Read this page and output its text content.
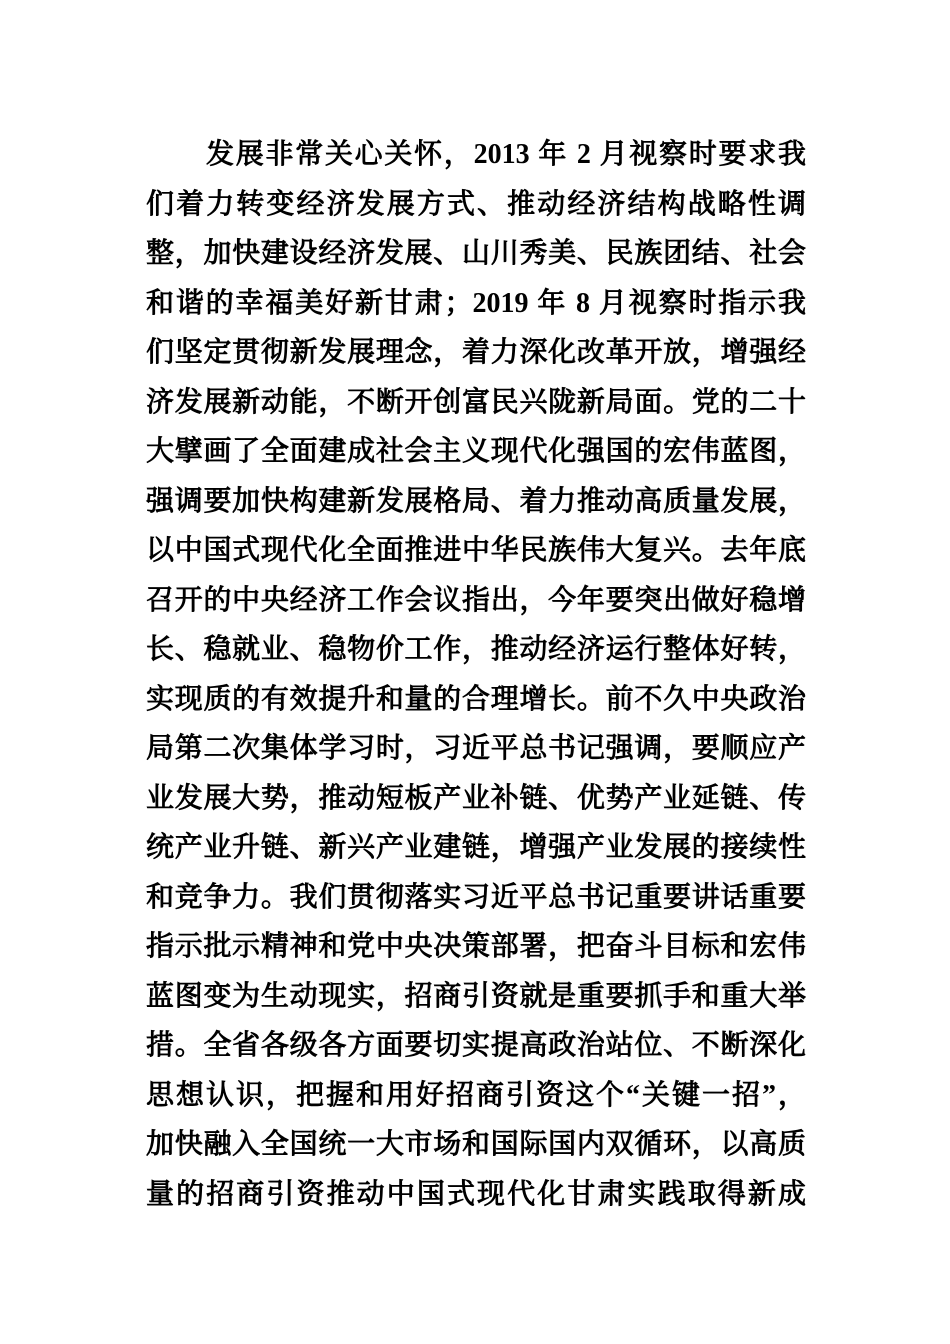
发展非常关心关怀，2013 年 2 月视察时要求我
们着力转变经济发展方式、推动经济结构战略性调
整，加快建设经济发展、山川秀美、民族团结、社会
和谐的幸福美好新甘肃；2019 年 8 月视察时指示我
们坚定贯彻新发展理念，着力深化改革开放，增强经
济发展新动能，不断开创富民兴陇新局面。党的二十
大擘画了全面建成社会主义现代化强国的宏伟蓝图，
强调要加快构建新发展格局、着力推动高质量发展，
以中国式现代化全面推进中华民族伟大复兴。去年底
召开的中央经济工作会议指出，今年要突出做好稳增
长、稳就业、稳物价工作，推动经济运行整体好转，
实现质的有效提升和量的合理增长。前不久中央政治
局第二次集体学习时，习近平总书记强调，要顺应产
业发展大势，推动短板产业补链、优势产业延链、传
统产业升链、新兴产业建链，增强产业发展的接续性
和竞争力。我们贯彻落实习近平总书记重要讲话重要
指示批示精神和党中央决策部署，把奋斗目标和宏伟
蓝图变为生动现实，招商引资就是重要抓手和重大举
措。全省各级各方面要切实提高政治站位、不断深化
思想认识，把握和用好招商引资这个“关键一招”，
加快融入全国统一大市场和国际国内双循环，以高质
量的招商引资推动中国式现代化甘肃实践取得新成
